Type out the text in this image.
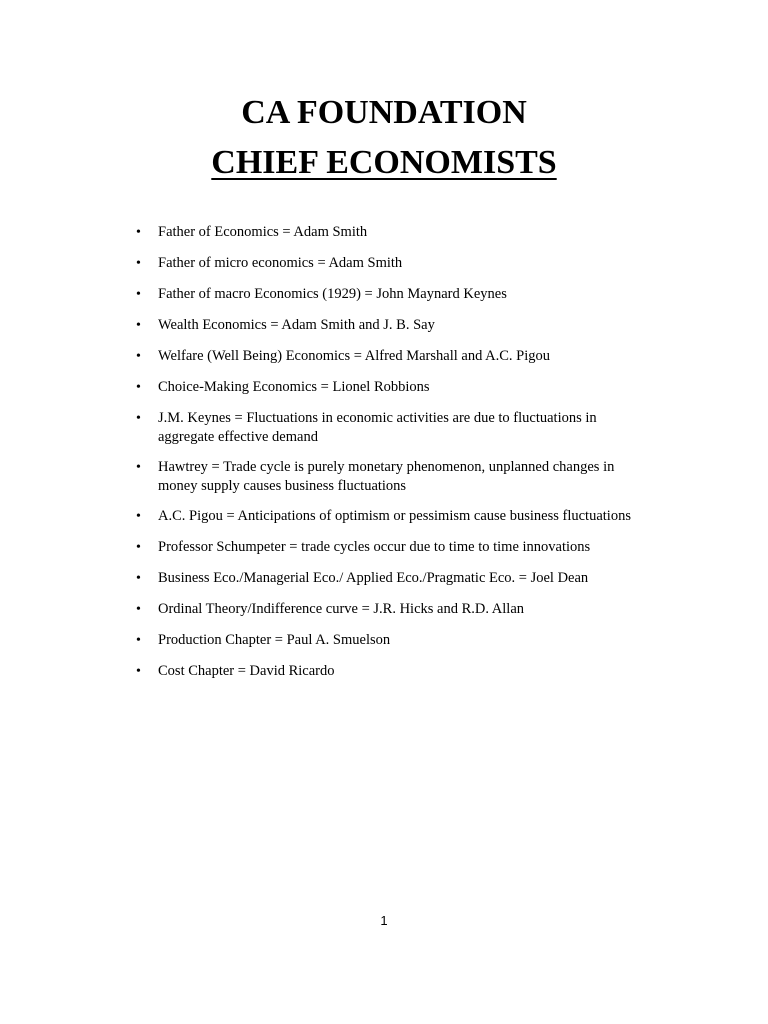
CA FOUNDATION
CHIEF ECONOMISTS
• Father of Economics = Adam Smith
• Father of micro economics = Adam Smith
• Father of macro Economics (1929) = John Maynard Keynes
• Wealth Economics = Adam Smith and J. B. Say
• Welfare (Well Being) Economics = Alfred Marshall and A.C. Pigou
• Choice-Making Economics = Lionel Robbions
• J.M. Keynes = Fluctuations in economic activities are due to fluctuations in aggregate effective demand
• Hawtrey = Trade cycle is purely monetary phenomenon, unplanned changes in money supply causes business fluctuations
• A.C. Pigou = Anticipations of optimism or pessimism cause business fluctuations
• Professor Schumpeter = trade cycles occur due to time to time innovations
• Business Eco./Managerial Eco./ Applied Eco./Pragmatic Eco. = Joel Dean
• Ordinal Theory/Indifference curve = J.R. Hicks and R.D. Allan
• Production Chapter = Paul A. Smuelson
• Cost Chapter = David Ricardo
1
